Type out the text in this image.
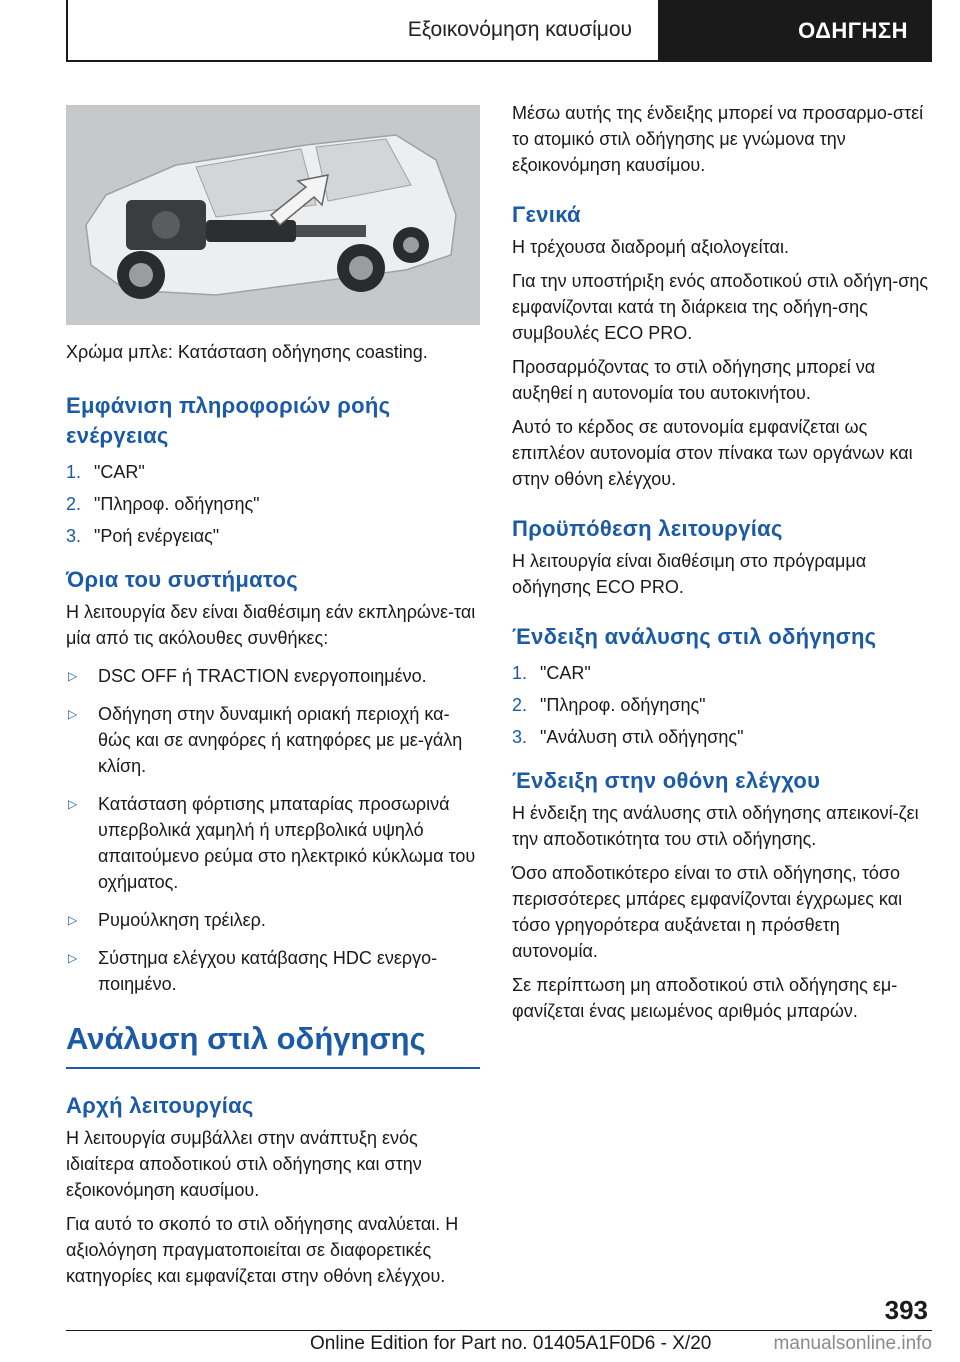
Εξοικονόμηση καυσίμου	ΟΔΗΓΗΣΗ

Χρώμα μπλε: Κατάσταση οδήγησης coasting.

Εμφάνιση πληροφοριών ροής ενέργειας
1. "CAR"
2. "Πληροφ. οδήγησης"
3. "Ροή ενέργειας"
Όρια του συστήματος

Η λειτουργία δεν είναι διαθέσιμη εάν εκπληρώνε-ται μία από τις ακόλουθες συνθήκες:

▷	DSC OFF ή TRACTION ενεργοποιημένο.
▷	Οδήγηση στην δυναμική οριακή περιοχή κα-θώς και σε ανηφόρες ή κατηφόρες με με-γάλη κλίση.
▷	Κατάσταση φόρτισης μπαταρίας προσωρινά υπερβολικά χαμηλή ή υπερβολικά υψηλό απαιτούμενο ρεύμα στο ηλεκτρικό κύκλωμα του οχήματος.
▷	Ρυμούλκηση τρέιλερ.
▷	Σύστημα ελέγχου κατάβασης HDC ενεργο-ποιημένο.
Ανάλυση στιλ οδήγησης
Αρχή λειτουργίας

Η λειτουργία συμβάλλει στην ανάπτυξη ενός ιδιαίτερα αποδοτικού στιλ οδήγησης και στην εξοικονόμηση καυσίμου.

Για αυτό το σκοπό το στιλ οδήγησης αναλύεται. Η αξιολόγηση πραγματοποιείται σε διαφορετικές κατηγορίες και εμφανίζεται στην οθόνη ελέγχου.

Μέσω αυτής της ένδειξης μπορεί να προσαρμο-στεί το ατομικό στιλ οδήγησης με γνώμονα την εξοικονόμηση καυσίμου.

Γενικά

Η τρέχουσα διαδρομή αξιολογείται.

Για την υποστήριξη ενός αποδοτικού στιλ οδήγη-σης εμφανίζονται κατά τη διάρκεια της οδήγη-σης συμβουλές ECO PRO.

Προσαρμόζοντας το στιλ οδήγησης μπορεί να αυξηθεί η αυτονομία του αυτοκινήτου.

Αυτό το κέρδος σε αυτονομία εμφανίζεται ως επιπλέον αυτονομία στον πίνακα των οργάνων και στην οθόνη ελέγχου.

Προϋπόθεση λειτουργίας

Η λειτουργία είναι διαθέσιμη στο πρόγραμμα οδήγησης ECO PRO.

Ένδειξη ανάλυσης στιλ οδήγησης
1. "CAR"
2. "Πληροφ. οδήγησης"
3. "Ανάλυση στιλ οδήγησης"
Ένδειξη στην οθόνη ελέγχου

Η ένδειξη της ανάλυσης στιλ οδήγησης απεικονί-ζει την αποδοτικότητα του στιλ οδήγησης.

Όσο αποδοτικότερο είναι το στιλ οδήγησης, τόσο περισσότερες μπάρες εμφανίζονται έγχρωμες και τόσο γρηγορότερα αυξάνεται η πρόσθετη αυτονομία.

Σε περίπτωση μη αποδοτικού στιλ οδήγησης εμ-φανίζεται ένας μειωμένος αριθμός μπαρών.

393
Online Edition for Part no. 01405A1F0D6 - X/20	manualsonline.info
